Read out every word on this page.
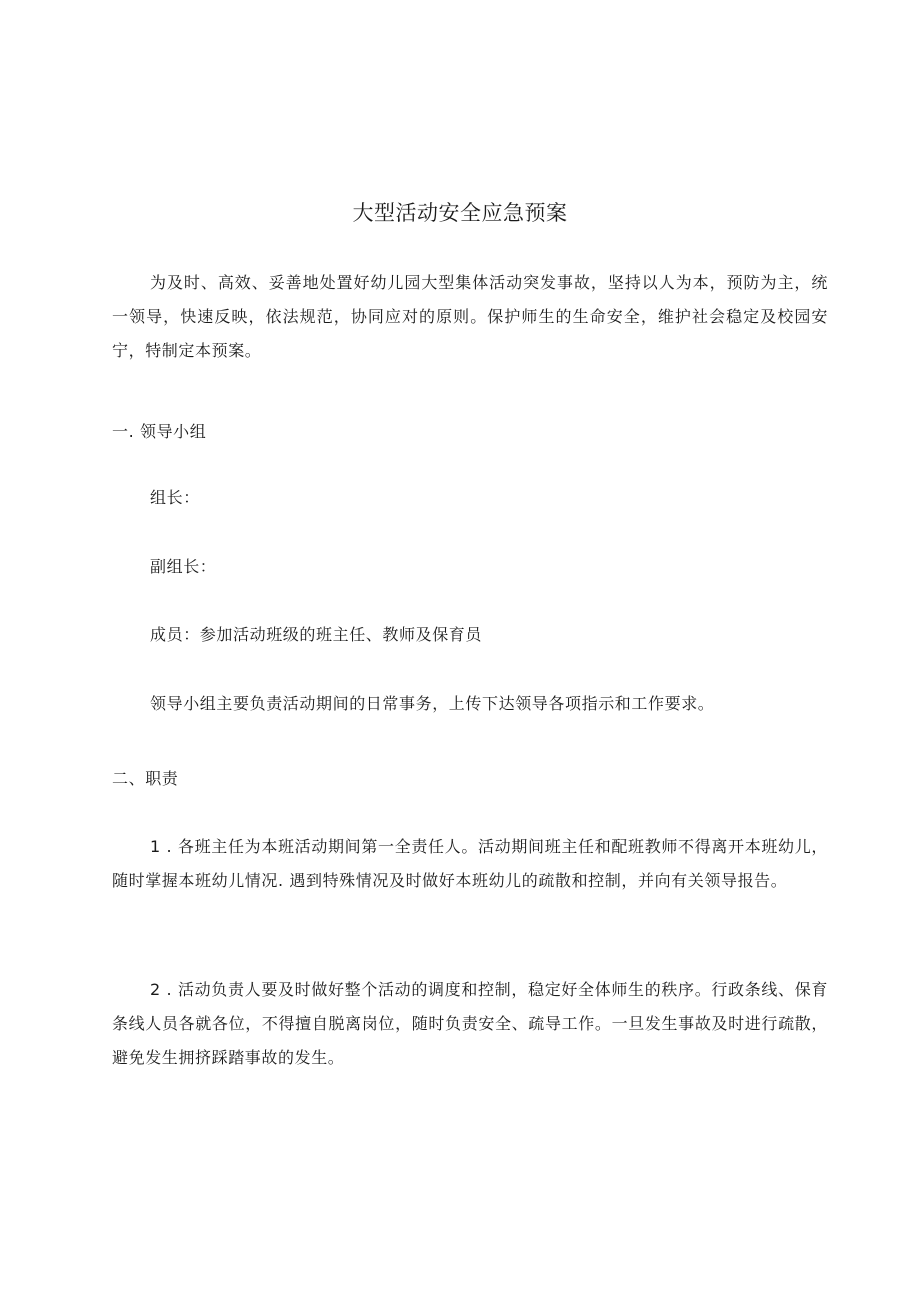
大型活动安全应急预案
为及时、高效、妥善地处置好幼儿园大型集体活动突发事故，坚持以人为本，预防为主，统一领导，快速反映，依法规范，协同应对的原则。保护师生的生命安全，维护社会稳定及校园安宁，特制定本预案。
一. 领导小组
组长：
副组长：
成员：参加活动班级的班主任、教师及保育员
领导小组主要负责活动期间的日常事务，上传下达领导各项指示和工作要求。
二、职责
1 . 各班主任为本班活动期间第一全责任人。活动期间班主任和配班教师不得离开本班幼儿，随时掌握本班幼儿情况. 遇到特殊情况及时做好本班幼儿的疏散和控制，并向有关领导报告。
2 . 活动负责人要及时做好整个活动的调度和控制，稳定好全体师生的秩序。行政条线、保育条线人员各就各位，不得擅自脱离岗位，随时负责安全、疏导工作。一旦发生事故及时进行疏散，避免发生拥挤踩踏事故的发生。
